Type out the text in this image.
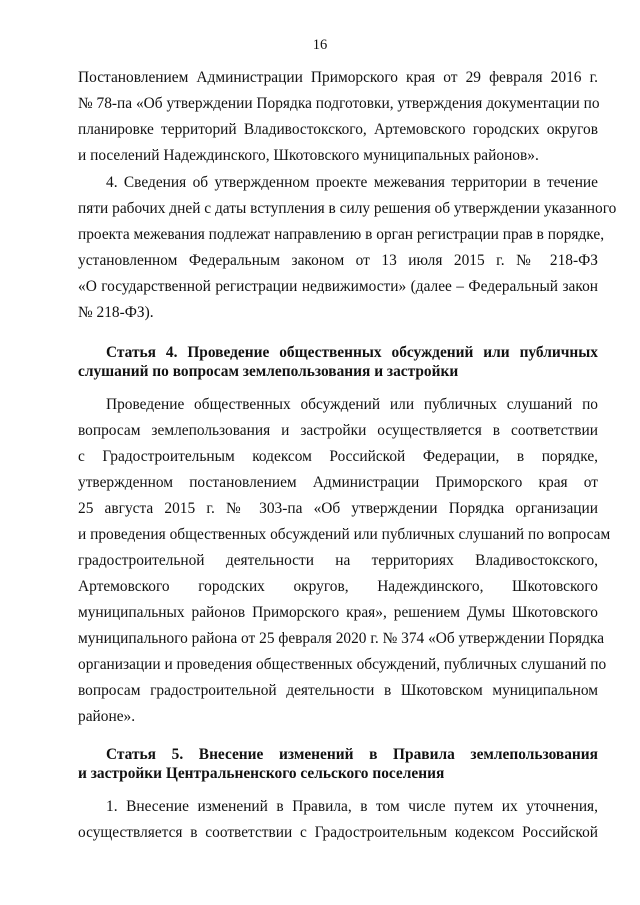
16
Постановлением Администрации Приморского края от 29 февраля 2016 г.
№ 78-па «Об утверждении Порядка подготовки, утверждения документации по
планировке территорий Владивостокского, Артемовского городских округов
и поселений Надеждинского, Шкотовского муниципальных районов».
4. Сведения об утвержденном проекте межевания территории в течение
пяти рабочих дней с даты вступления в силу решения об утверждении указанного
проекта межевания подлежат направлению в орган регистрации прав в порядке,
установленном Федеральным законом от 13 июля 2015 г. № 218-ФЗ
«О государственной регистрации недвижимости» (далее – Федеральный закон
№ 218-ФЗ).
Статья 4. Проведение общественных обсуждений или публичных
слушаний по вопросам землепользования и застройки
Проведение общественных обсуждений или публичных слушаний по
вопросам землепользования и застройки осуществляется в соответствии
с Градостроительным кодексом Российской Федерации, в порядке,
утвержденном постановлением Администрации Приморского края от
25 августа 2015 г. № 303-па «Об утверждении Порядка организации
и проведения общественных обсуждений или публичных слушаний по вопросам
градостроительной деятельности на территориях Владивостокского,
Артемовского городских округов, Надеждинского, Шкотовского
муниципальных районов Приморского края», решением Думы Шкотовского
муниципального района от 25 февраля 2020 г. № 374 «Об утверждении Порядка
организации и проведения общественных обсуждений, публичных слушаний по
вопросам градостроительной деятельности в Шкотовском муниципальном
районе».
Статья 5. Внесение изменений в Правила землепользования
и застройки Центральненского сельского поселения
1. Внесение изменений в Правила, в том числе путем их уточнения,
осуществляется в соответствии с Градостроительным кодексом Российской
